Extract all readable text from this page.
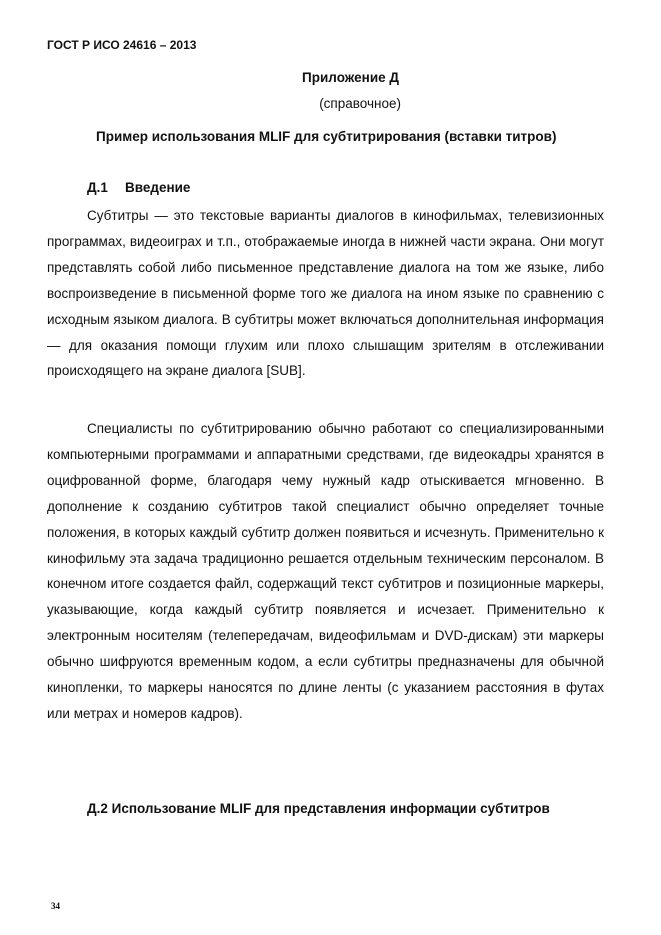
ГОСТ Р ИСО 24616 – 2013
Приложение Д
(справочное)
Пример использования MLIF для субтитрирования (вставки титров)
Д.1 Введение
Субтитры — это текстовые варианты диалогов в кинофильмах, телевизионных программах, видеоиграх и т.п., отображаемые иногда в нижней части экрана. Они могут представлять собой либо письменное представление диалога на том же языке, либо воспроизведение в письменной форме того же диалога на ином языке по сравнению с исходным языком диалога. В субтитры может включаться дополнительная информация — для оказания помощи глухим или плохо слышащим зрителям в отслеживании происходящего на экране диалога [SUB].
Специалисты по субтитрированию обычно работают со специализированными компьютерными программами и аппаратными средствами, где видеокадры хранятся в оцифрованной форме, благодаря чему нужный кадр отыскивается мгновенно. В дополнение к созданию субтитров такой специалист обычно определяет точные положения, в которых каждый субтитр должен появиться и исчезнуть. Применительно к кинофильму эта задача традиционно решается отдельным техническим персоналом. В конечном итоге создается файл, содержащий текст субтитров и позиционные маркеры, указывающие, когда каждый субтитр появляется и исчезает. Применительно к электронным носителям (телепередачам, видеофильмам и DVD-дискам) эти маркеры обычно шифруются временным кодом, а если субтитры предназначены для обычной кинопленки, то маркеры наносятся по длине ленты (с указанием расстояния в футах или метрах и номеров кадров).
Д.2 Использование MLIF для представления информации субтитров
34
